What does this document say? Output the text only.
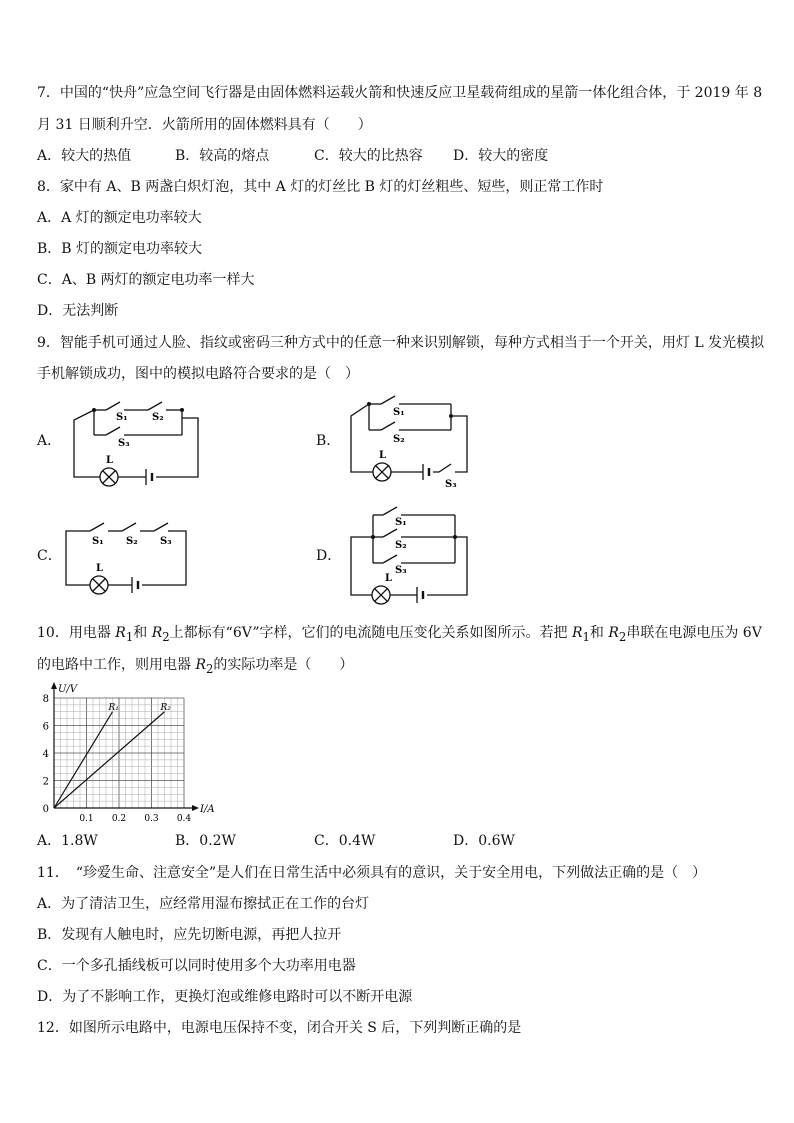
7．中国的“快舟”应急空间飞行器是由固体燃料运载火箭和快速反应卫星载荷组成的星箭一体化组合体，于 2019 年 8
月 31 日顺利升空．火箭所用的固体燃料具有（　　）
A．较大的热值	B．较高的熔点	C．较大的比热容 D．较大的密度
8．家中有 A、B 两盏白炽灯泡，其中 A 灯的灯丝比 B 灯的灯丝粗些、短些，则正常工作时
A．A 灯的额定电功率较大
B．B 灯的额定电功率较大
C．A、B 两灯的额定电功率一样大
D．无法判断
9．智能手机可通过人脸、指纹或密码三种方式中的任意一种来识别解锁，每种方式相当于一个开关，用灯 L 发光模拟
手机解锁成功，图中的模拟电路符合要求的是（　）
A．	B．
C．	D．
S₁ S₂
S₃
L
S₁
S₂
S₃
L
S₁ S₂ S₃
L
S₁
S₂
S₃
L
10．用电器 $R_1$和 $R_2$上都标有“6V”字样，它们的电流随电压变化关系如图所示。若把 $R_1$和 $R_2$串联在电源电压为 6V
的电路中工作，则用电器 $R_2$的实际功率是（　　）
U/V
I/A
0
2
4
6
8
0.1 0.2 0.3 0.4
R₁	R₂
A．1.8W	B．0.2W	C．0.4W	D．0.6W
11．　“珍爱生命、注意安全”是人们在日常生活中必须具有的意识，关于安全用电，下列做法正确的是（　）
A．为了清洁卫生，应经常用湿布擦拭正在工作的台灯
B．发现有人触电时，应先切断电源，再把人拉开
C．一个多孔插线板可以同时使用多个大功率用电器
D．为了不影响工作，更换灯泡或维修电路时可以不断开电源
12．如图所示电路中，电源电压保持不变，闭合开关 S 后，下列判断正确的是
